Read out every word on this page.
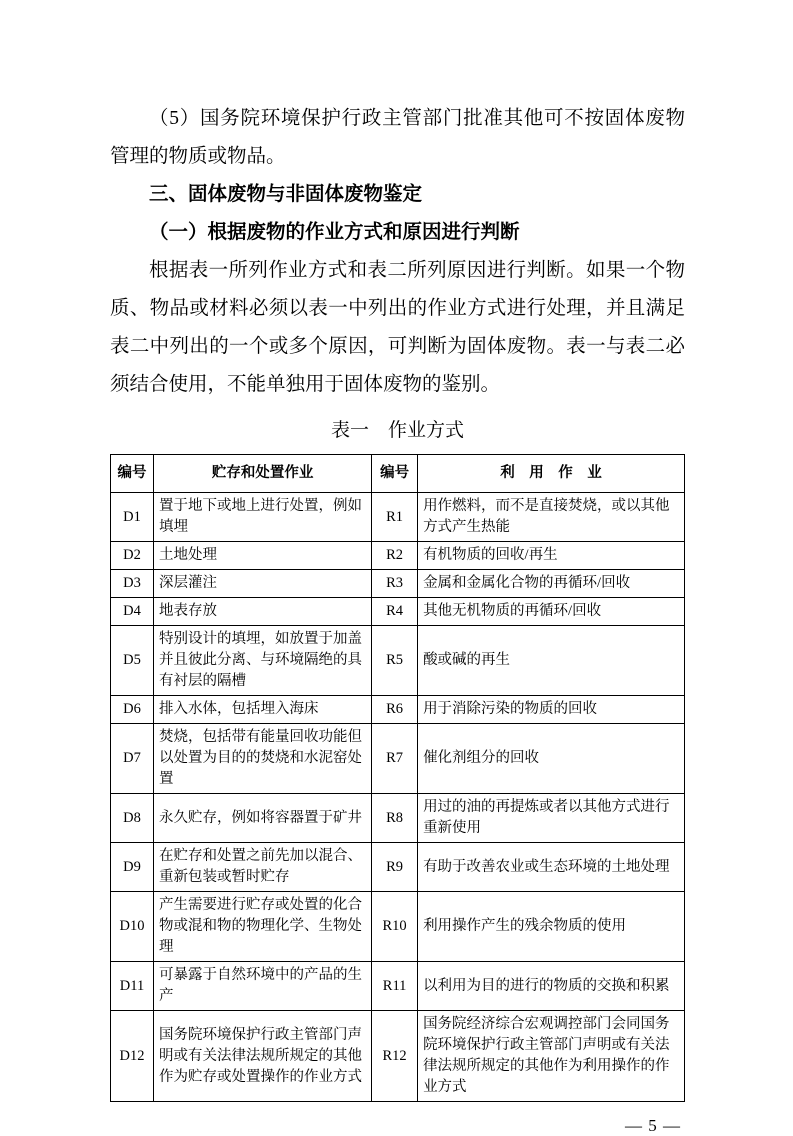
（5）国务院环境保护行政主管部门批准其他可不按固体废物管理的物质或物品。

三、固体废物与非固体废物鉴定

（一）根据废物的作业方式和原因进行判断

根据表一所列作业方式和表二所列原因进行判断。如果一个物质、物品或材料必须以表一中列出的作业方式进行处理，并且满足表二中列出的一个或多个原因，可判断为固体废物。表一与表二必须结合使用，不能单独用于固体废物的鉴别。

表一　作业方式

编号	贮存和处置作业	编号	利　用　作　业
D1	置于地下或地上进行处置，例如填埋	R1	用作燃料，而不是直接焚烧，或以其他方式产生热能
D2	土地处理	R2	有机物质的回收/再生
D3	深层灌注	R3	金属和金属化合物的再循环/回收
D4	地表存放	R4	其他无机物质的再循环/回收
D5	特别设计的填埋，如放置于加盖并且彼此分离、与环境隔绝的具有衬层的隔槽	R5	酸或碱的再生
D6	排入水体，包括埋入海床	R6	用于消除污染的物质的回收
D7	焚烧，包括带有能量回收功能但以处置为目的的焚烧和水泥窑处置	R7	催化剂组分的回收
D8	永久贮存，例如将容器置于矿井	R8	用过的油的再提炼或者以其他方式进行重新使用
D9	在贮存和处置之前先加以混合、重新包装或暂时贮存	R9	有助于改善农业或生态环境的土地处理
D10	产生需要进行贮存或处置的化合物或混和物的物理化学、生物处理	R10	利用操作产生的残余物质的使用
D11	可暴露于自然环境中的产品的生产	R11	以利用为目的进行的物质的交换和积累
D12	国务院环境保护行政主管部门声明或有关法律法规所规定的其他作为贮存或处置操作的作业方式	R12	国务院经济综合宏观调控部门会同国务院环境保护行政主管部门声明或有关法律法规所规定的其他作为利用操作的作业方式
— 5 —
